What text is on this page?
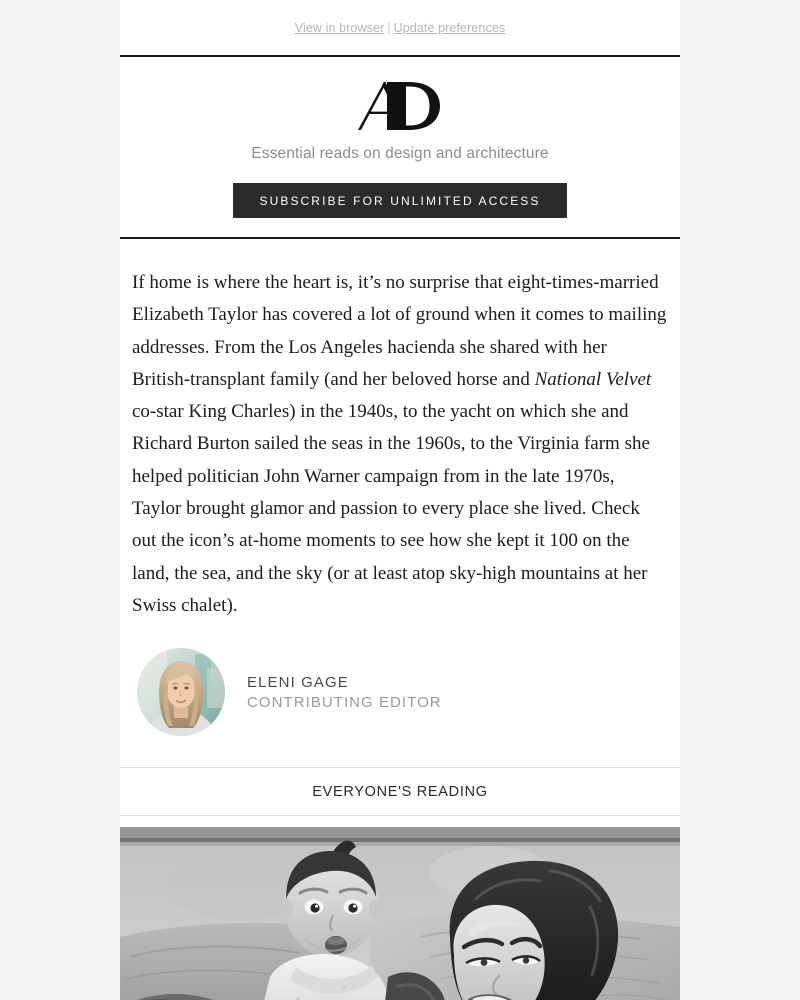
View in browser | Update preferences
Essential reads on design and architecture
SUBSCRIBE FOR UNLIMITED ACCESS

If home is where the heart is, it’s no surprise that eight-times-married Elizabeth Taylor has covered a lot of ground when it comes to mailing addresses. From the Los Angeles hacienda she shared with her British-transplant family (and her beloved horse and National Velvet co-star King Charles) in the 1940s, to the yacht on which she and Richard Burton sailed the seas in the 1960s, to the Virginia farm she helped politician John Warner campaign from in the late 1970s, Taylor brought glamor and passion to every place she lived. Check out the icon’s at-home moments to see how she kept it 100 on the land, the sea, and the sky (or at least atop sky-high mountains at her Swiss chalet).

ELENI GAGE
CONTRIBUTING EDITOR
EVERYONE'S READING
